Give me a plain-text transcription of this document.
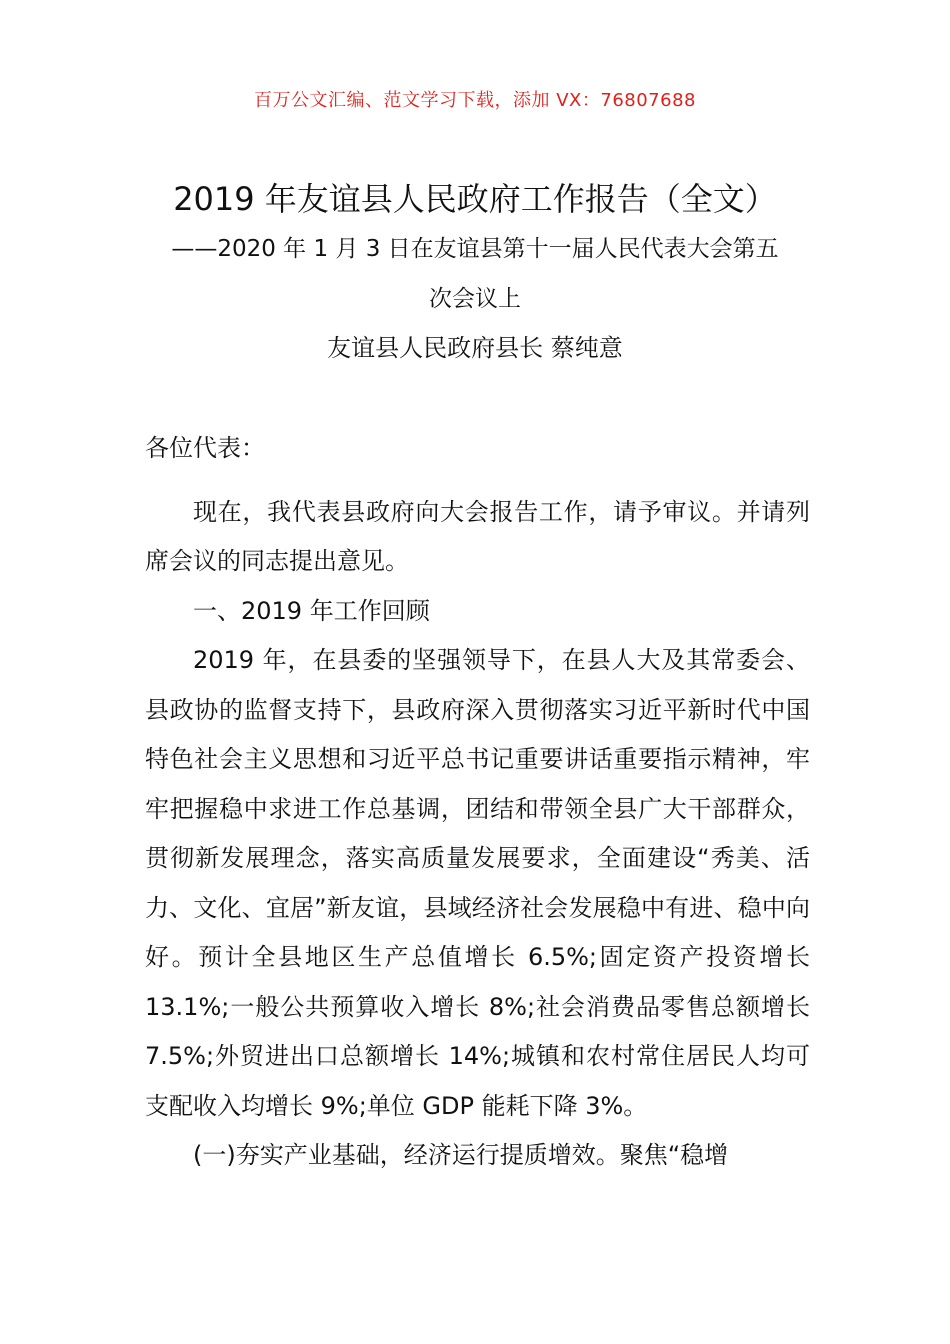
百万公文汇编、范文学习下载，添加 VX：76807688
2019 年友谊县人民政府工作报告（全文）
——2020 年 1 月 3 日在友谊县第十一届人民代表大会第五
次会议上
友谊县人民政府县长 蔡纯意

各位代表：

现在，我代表县政府向大会报告工作，请予审议。并请列席会议的同志提出意见。

一、2019 年工作回顾

2019 年，在县委的坚强领导下，在县人大及其常委会、县政协的监督支持下，县政府深入贯彻落实习近平新时代中国特色社会主义思想和习近平总书记重要讲话重要指示精神，牢牢把握稳中求进工作总基调，团结和带领全县广大干部群众，贯彻新发展理念，落实高质量发展要求，全面建设“秀美、活力、文化、宜居”新友谊，县域经济社会发展稳中有进、稳中向好。预计全县地区生产总值增长 6.5%;固定资产投资增长 13.1%;一般公共预算收入增长 8%;社会消费品零售总额增长 7.5%;外贸进出口总额增长 14%;城镇和农村常住居民人均可支配收入均增长 9%;单位 GDP 能耗下降 3%。

(一)夯实产业基础，经济运行提质增效。聚焦“稳增
